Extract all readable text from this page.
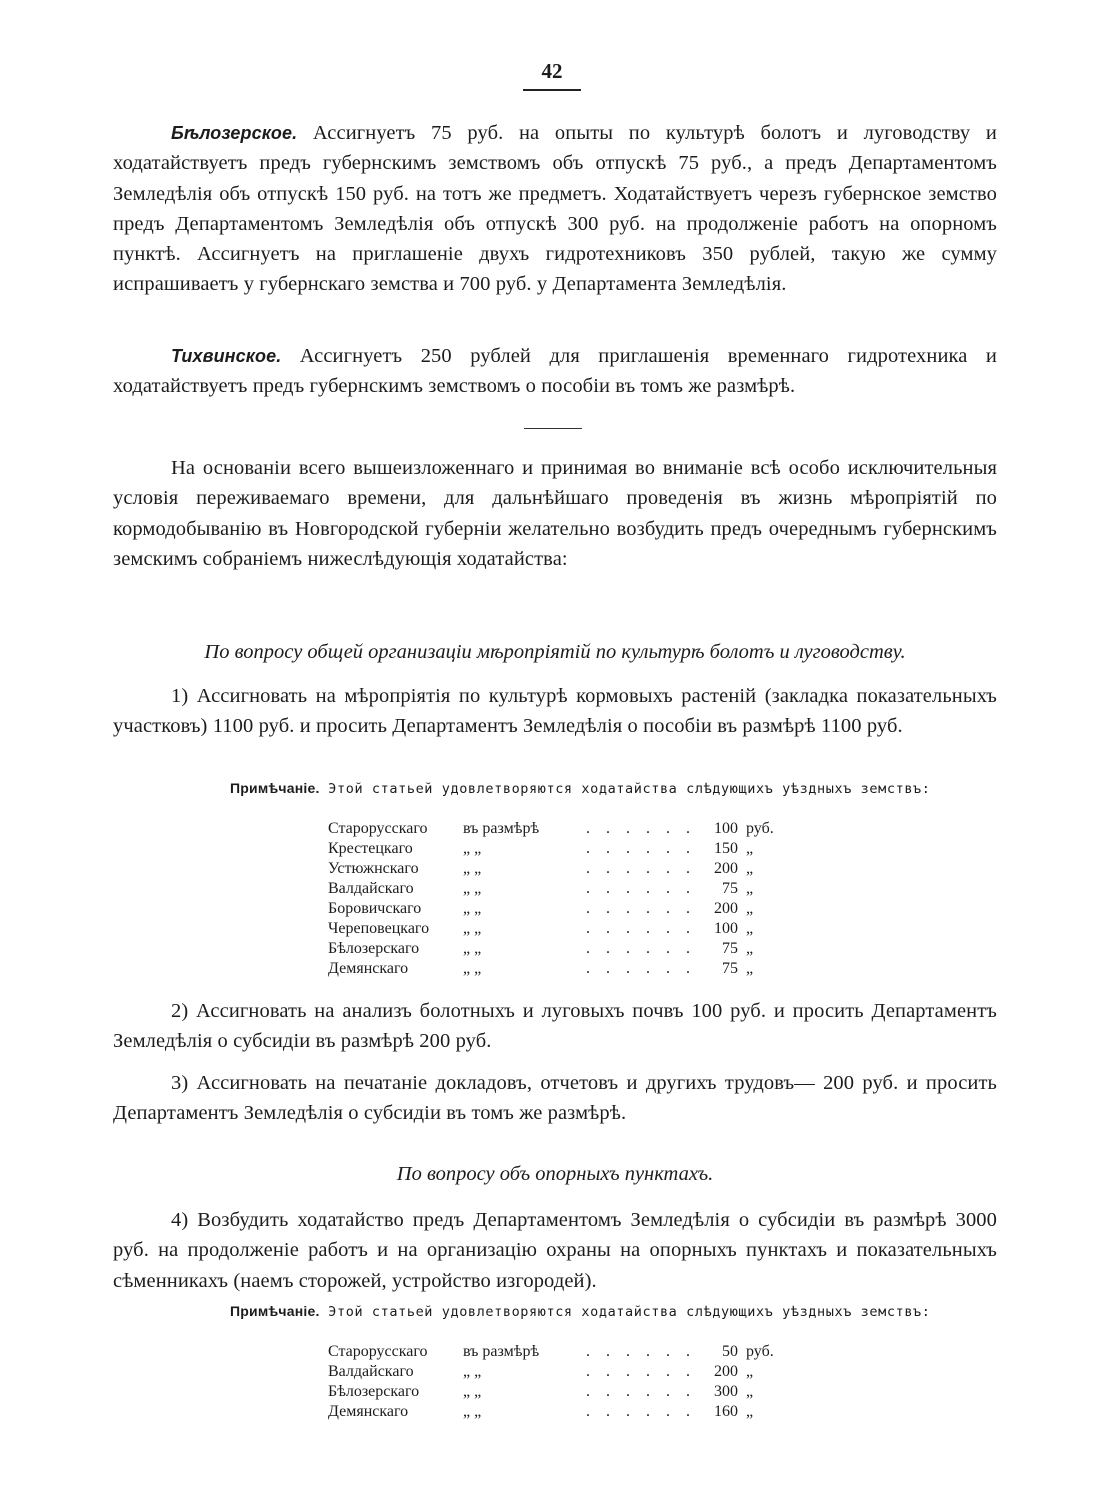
42

Бѣлозерское. Ассигнуетъ 75 руб. на опыты по культурѣ болотъ и луговодству и ходатайствуетъ предъ губернскимъ земствомъ объ отпускѣ 75 руб., а предъ Департаментомъ Земледѣлія объ отпускѣ 150 руб. на тотъ же предметъ. Ходатайствуетъ черезъ губернское земство предъ Департаментомъ Земледѣлія объ отпускѣ 300 руб. на продолженіе работъ на опорномъ пунктѣ. Ассигнуетъ на приглашеніе двухъ гидротехниковъ 350 рублей, такую же сумму испрашиваетъ у губернскаго земства и 700 руб. у Департамента Земледѣлія.

Тихвинское. Ассигнуетъ 250 рублей для приглашенія временнаго гидротехника и ходатайствуетъ предъ губернскимъ земствомъ о пособіи въ томъ же размѣрѣ.

На основаніи всего вышеизложеннаго и принимая во вниманіе всѣ особо исключительныя условія переживаемаго времени, для дальнѣйшаго проведенія въ жизнь мѣропріятій по кормодобыванію въ Новгородской губерніи желательно возбудить предъ очереднымъ губернскимъ земскимъ собраніемъ нижеслѣдующія ходатайства:

По вопросу общей организаціи мѣропріятій по культурѣ болотъ и луговодству.

1) Ассигновать на мѣропріятія по культурѣ кормовыхъ растеній (закладка показательныхъ участковъ) 1100 руб. и просить Департаментъ Земледѣлія о пособіи въ размѣрѣ 1100 руб.

Примѣчаніе. Этой статьей удовлетворяются ходатайства слѣдующихъ уѣздныхъ земствъ:

Старорусскаго въ размѣрѣ	. . . . . .	100 руб.
Крестецкаго	„ „	. . . . . .	150 „
Устюжнскаго	„ „	. . . . . .	200 „
Валдайскаго	„ „	. . . . . .	75 „
Боровичскаго	„ „	. . . . . .	200 „
Череповецкаго „ „	. . . . . .	100 „
Бѣлозерскаго	„ „	. . . . . .	75 „
Демянскаго	„ „	. . . . . .	75 „

2) Ассигновать на анализъ болотныхъ и луговыхъ почвъ 100 руб. и просить Департаментъ Земледѣлія о субсидіи въ размѣрѣ 200 руб.

3) Ассигновать на печатаніе докладовъ, отчетовъ и другихъ трудовъ— 200 руб. и просить Департаментъ Земледѣлія о субсидіи въ томъ же размѣрѣ.

По вопросу объ опорныхъ пунктахъ.

4) Возбудить ходатайство предъ Департаментомъ Земледѣлія о субсидіи въ размѣрѣ 3000 руб. на продолженіе работъ и на организацію охраны на опорныхъ пунктахъ и показательныхъ сѣменникахъ (наемъ сторожей, устройство изгородей).

Примѣчаніе. Этой статьей удовлетворяются ходатайства слѣдующихъ уѣздныхъ земствъ:

Старорусскаго въ размѣрѣ	. . . . . .	50 руб.
Валдайскаго	„ „	. . . . . .	200 „
Бѣлозерскаго	„ „	. . . . . .	300 „
Демянскаго	„ „	. . . . . .	160 „
